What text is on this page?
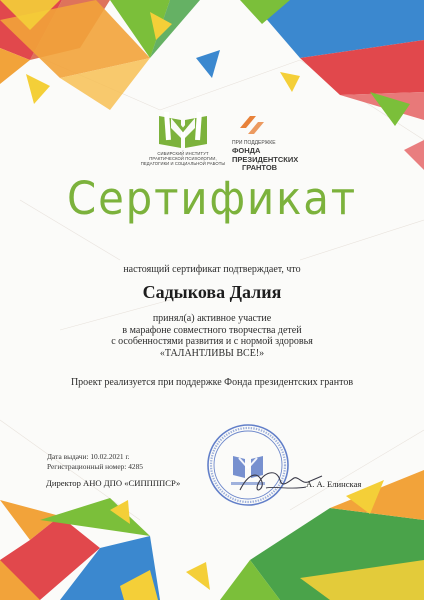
СИБИРСКИЙ ИНСТИТУТ
ПРАКТИЧЕСКОЙ ПСИХОЛОГИИ,
ПЕДАГОГИКИ И СОЦИАЛЬНОЙ РАБОТЫ
ПРИ ПОДДЕРЖКЕ
ФОНДА
ПРЕЗИДЕНТСКИХ
ГРАНТОВ
Сертификат
настоящий сертификат подтверждает, что
Садыкова Далия
принял(а) активное участие
в марафоне совместного творчества детей
с особенностями развития и с нормой здоровья
«ТАЛАНТЛИВЫ ВСЕ!»
Проект реализуется при поддержке Фонда президентских грантов
Дата выдачи: 10.02.2021 г.
Регистрационный номер: 4285
Директор АНО ДПО «СИППППСР»	А. А. Елинская
